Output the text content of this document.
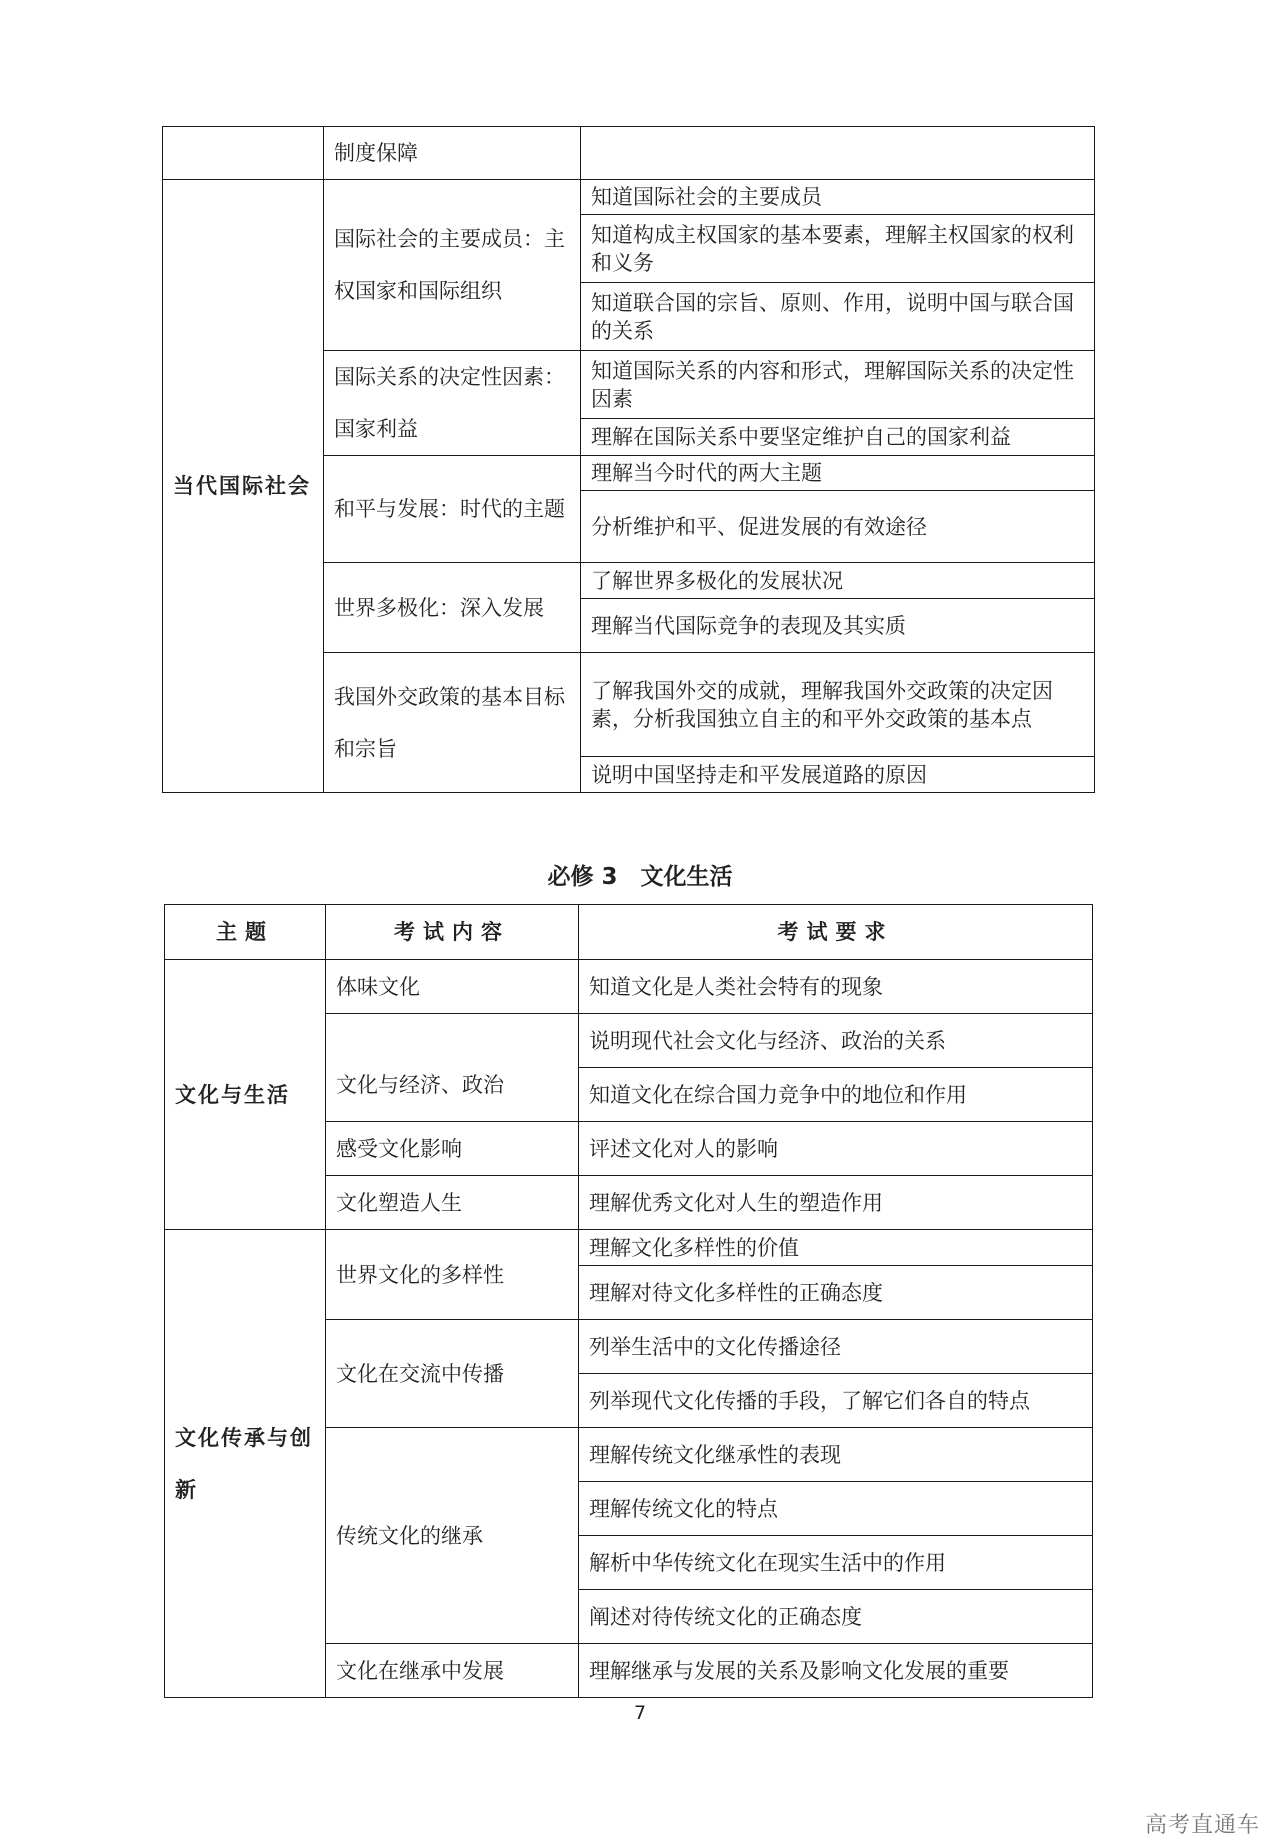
	制度保障	
当代国际社会	国际社会的主要成员：主权国家和国际组织	知道国际社会的主要成员
		知道构成主权国家的基本要素，理解主权国家的权利和义务
		知道联合国的宗旨、原则、作用，说明中国与联合国的关系
	国际关系的决定性因素：国家利益	知道国际关系的内容和形式，理解国际关系的决定性因素
		理解在国际关系中要坚定维护自己的国家利益
	和平与发展：时代的主题	理解当今时代的两大主题
		分析维护和平、促进发展的有效途径
	世界多极化：深入发展	了解世界多极化的发展状况
		理解当代国际竞争的表现及其实质
	我国外交政策的基本目标和宗旨	了解我国外交的成就，理解我国外交政策的决定因素，分析我国独立自主的和平外交政策的基本点
		说明中国坚持走和平发展道路的原因
必修 3　文化生活
主题	考试内容	考试要求
文化与生活	体味文化	知道文化是人类社会特有的现象
	文化与经济、政治	说明现代社会文化与经济、政治的关系
		知道文化在综合国力竞争中的地位和作用
	感受文化影响	评述文化对人的影响
	文化塑造人生	理解优秀文化对人生的塑造作用
文化传承与创新	世界文化的多样性	理解文化多样性的价值
		理解对待文化多样性的正确态度
	文化在交流中传播	列举生活中的文化传播途径
		列举现代文化传播的手段，了解它们各自的特点
	传统文化的继承	理解传统文化继承性的表现
		理解传统文化的特点
		解析中华传统文化在现实生活中的作用
		阐述对待传统文化的正确态度
	文化在继承中发展	理解继承与发展的关系及影响文化发展的重要
7
高考直通车
